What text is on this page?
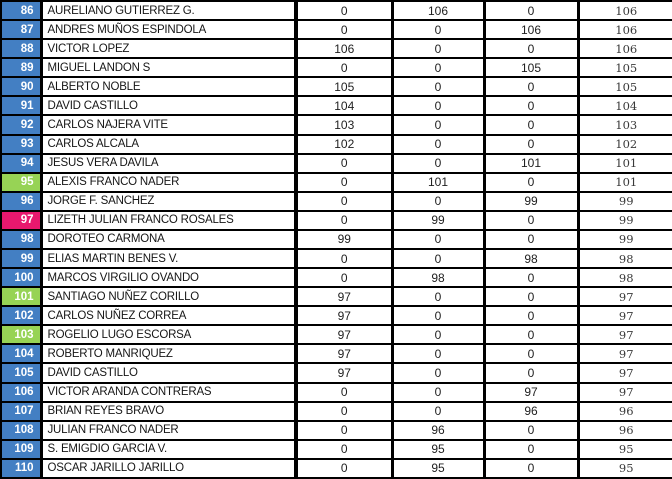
86	AURELIANO GUTIERREZ G.	0	106	0	106
87	ANDRES MUÑOS ESPINDOLA	0	0	106	106
88	VICTOR LOPEZ	106	0	0	106
89	MIGUEL LANDON S	0	0	105	105
90	ALBERTO NOBLE	105	0	0	105
91	DAVID CASTILLO	104	0	0	104
92	CARLOS NAJERA VITE	103	0	0	103
93	CARLOS ALCALA	102	0	0	102
94	JESUS VERA DAVILA	0	0	101	101
95	ALEXIS FRANCO NADER	0	101	0	101
96	JORGE F. SANCHEZ	0	0	99	99
97	LIZETH JULIAN FRANCO ROSALES	0	99	0	99
98	DOROTEO CARMONA	99	0	0	99
99	ELIAS MARTIN BENES V.	0	0	98	98
100	MARCOS VIRGILIO OVANDO	0	98	0	98
101	SANTIAGO NUÑEZ CORILLO	97	0	0	97
102	CARLOS NUÑEZ CORREA	97	0	0	97
103	ROGELIO LUGO ESCORSA	97	0	0	97
104	ROBERTO MANRIQUEZ	97	0	0	97
105	DAVID CASTILLO	97	0	0	97
106	VICTOR ARANDA CONTRERAS	0	0	97	97
107	BRIAN REYES BRAVO	0	0	96	96
108	JULIAN FRANCO NADER	0	96	0	96
109	S. EMIGDIO GARCIA V.	0	95	0	95
110	OSCAR JARILLO JARILLO	0	95	0	95
